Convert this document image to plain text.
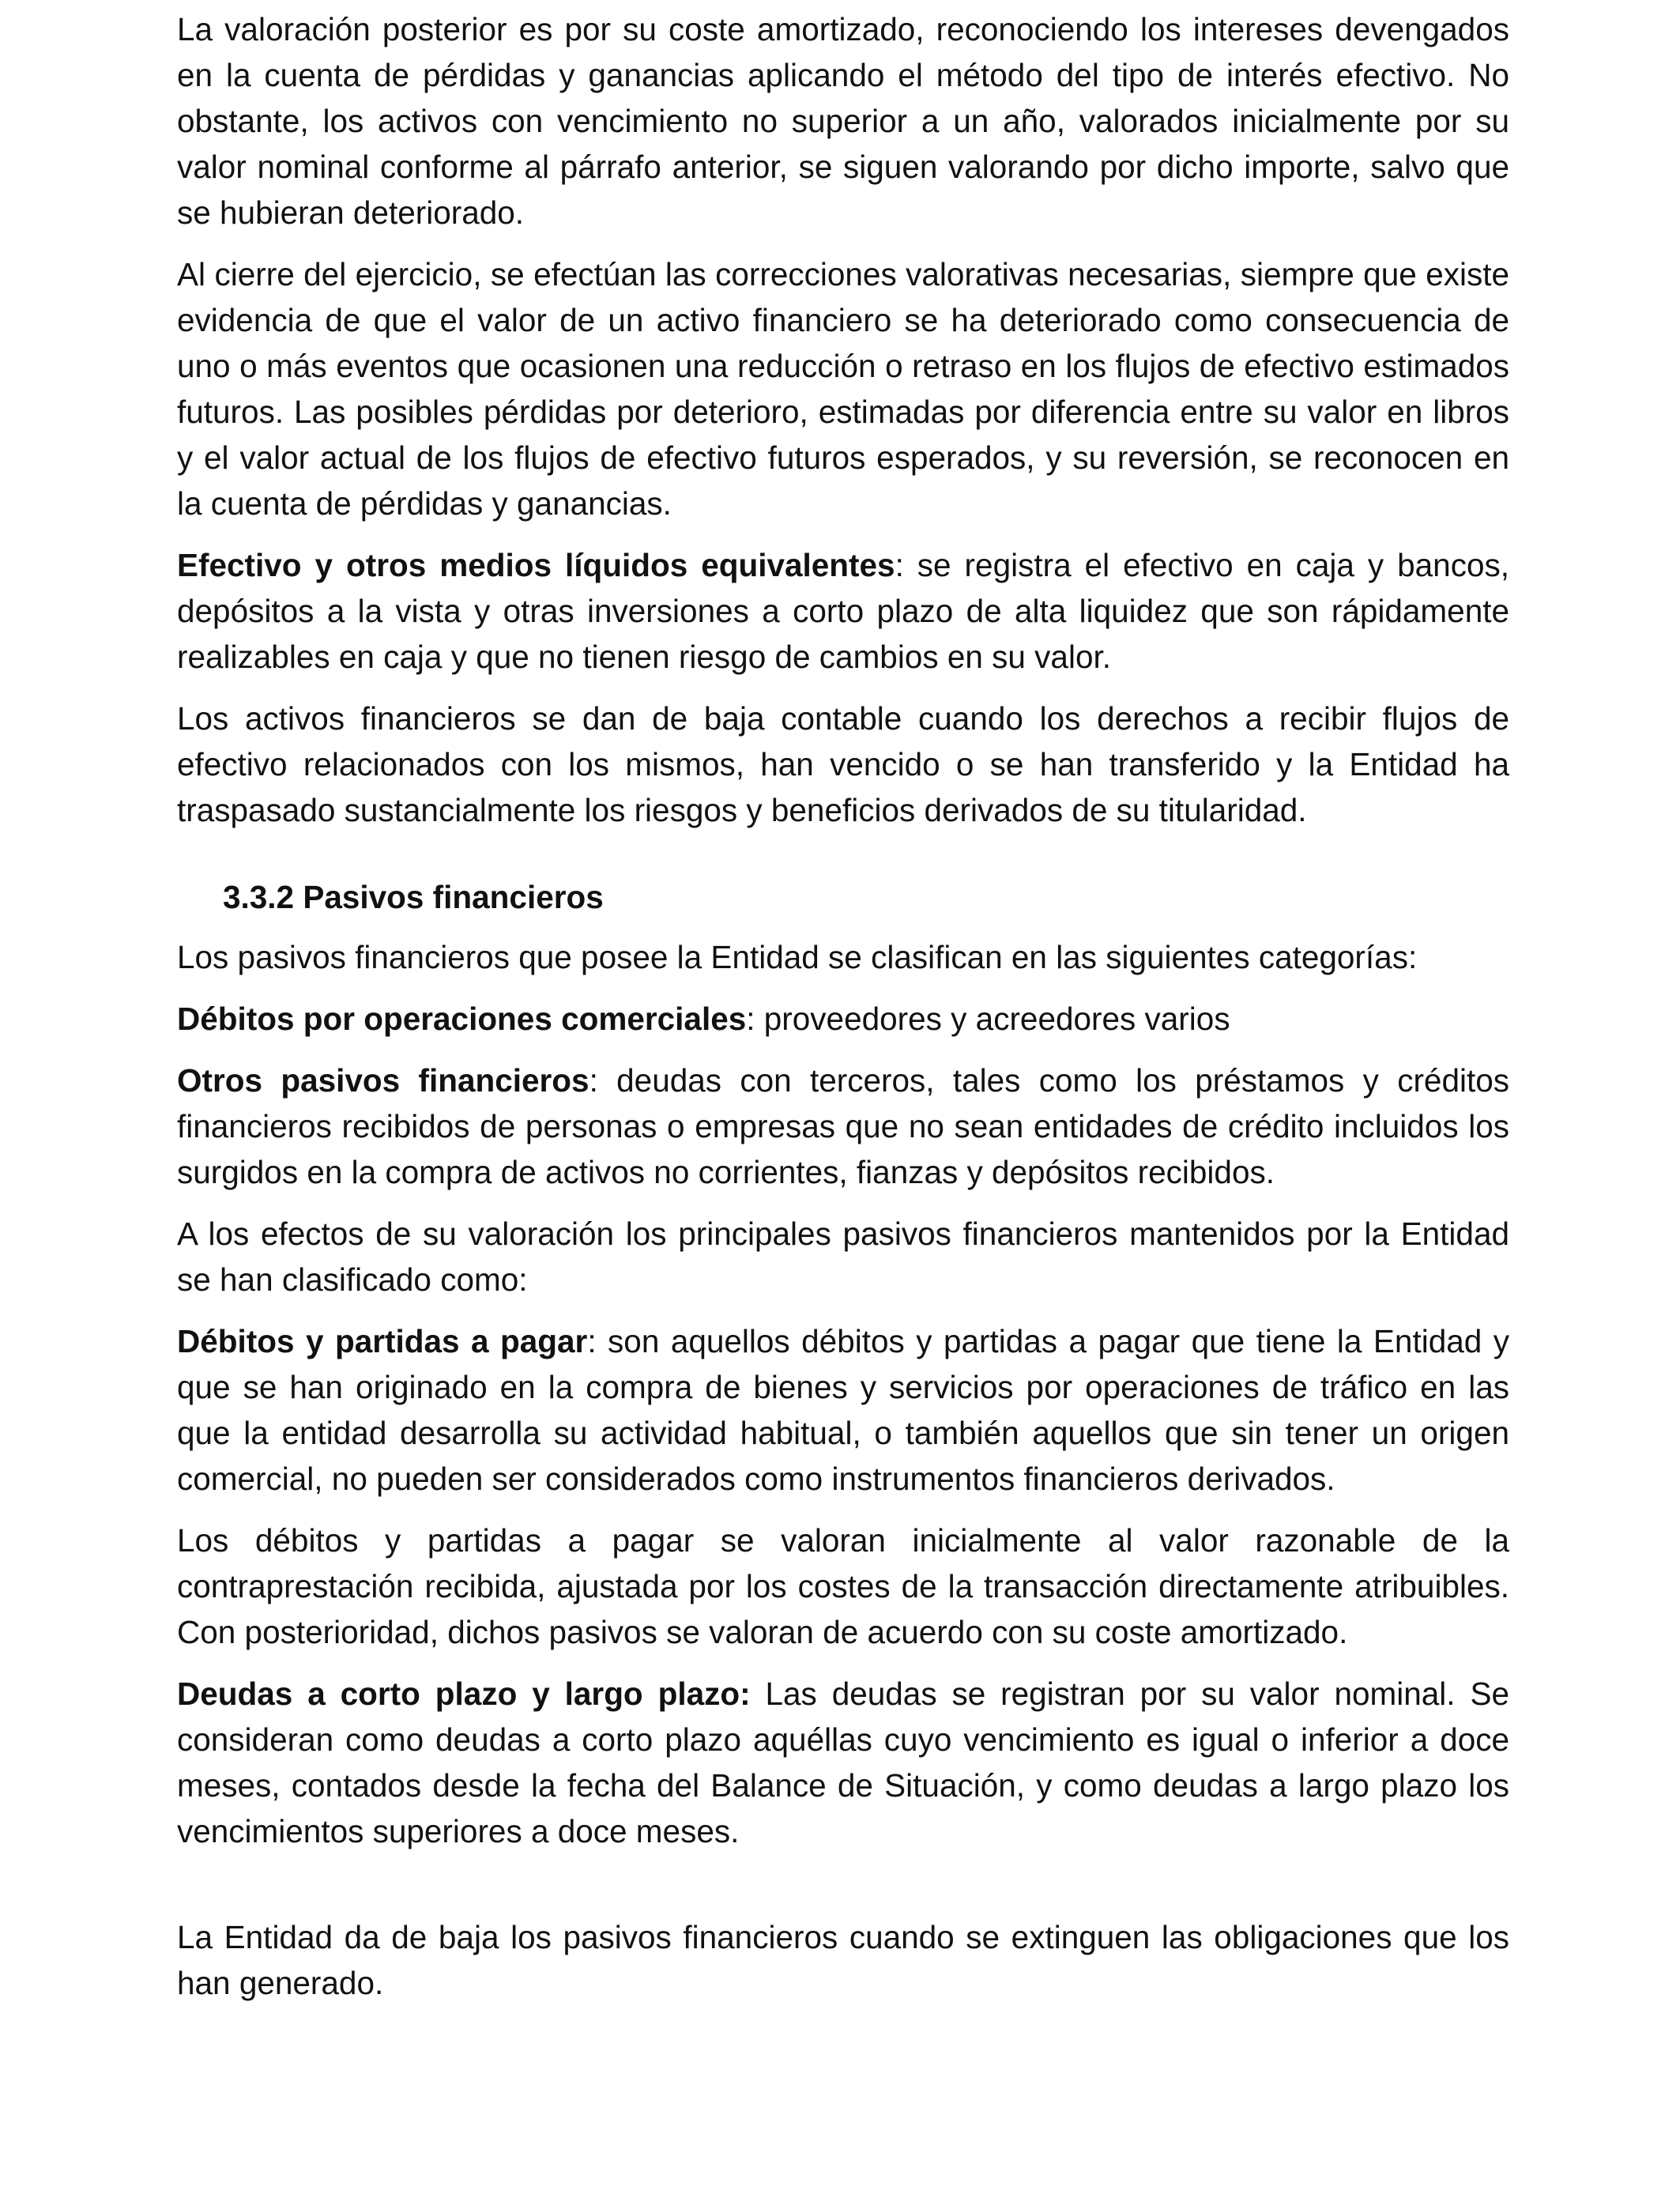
La valoración posterior es por su coste amortizado, reconociendo los intereses devengados en la cuenta de pérdidas y ganancias aplicando el método del tipo de interés efectivo. No obstante, los activos con vencimiento no superior a un año, valorados inicialmente por su valor nominal conforme al párrafo anterior, se siguen valorando por dicho importe, salvo que se hubieran deteriorado.

Al cierre del ejercicio, se efectúan las correcciones valorativas necesarias, siempre que existe evidencia de que el valor de un activo financiero se ha deteriorado como consecuencia de uno o más eventos que ocasionen una reducción o retraso en los flujos de efectivo estimados futuros. Las posibles pérdidas por deterioro, estimadas por diferencia entre su valor en libros y el valor actual de los flujos de efectivo futuros esperados, y su reversión, se reconocen en la cuenta de pérdidas y ganancias.

Efectivo y otros medios líquidos equivalentes: se registra el efectivo en caja y bancos, depósitos a la vista y otras inversiones a corto plazo de alta liquidez que son rápidamente realizables en caja y que no tienen riesgo de cambios en su valor.

Los activos financieros se dan de baja contable cuando los derechos a recibir flujos de efectivo relacionados con los mismos, han vencido o se han transferido y la Entidad ha traspasado sustancialmente los riesgos y beneficios derivados de su titularidad.

3.3.2 Pasivos financieros

Los pasivos financieros que posee la Entidad se clasifican en las siguientes categorías:

Débitos por operaciones comerciales: proveedores y acreedores varios

Otros pasivos financieros: deudas con terceros, tales como los préstamos y créditos financieros recibidos de personas o empresas que no sean entidades de crédito incluidos los surgidos en la compra de activos no corrientes, fianzas y depósitos recibidos.

A los efectos de su valoración los principales pasivos financieros mantenidos por la Entidad se han clasificado como:

Débitos y partidas a pagar: son aquellos débitos y partidas a pagar que tiene la Entidad y que se han originado en la compra de bienes y servicios por operaciones de tráfico en las que la entidad desarrolla su actividad habitual, o también aquellos que sin tener un origen comercial, no pueden ser considerados como instrumentos financieros derivados.

Los débitos y partidas a pagar se valoran inicialmente al valor razonable de la contraprestación recibida, ajustada por los costes de la transacción directamente atribuibles. Con posterioridad, dichos pasivos se valoran de acuerdo con su coste amortizado.

Deudas a corto plazo y largo plazo: Las deudas se registran por su valor nominal. Se consideran como deudas a corto plazo aquéllas cuyo vencimiento es igual o inferior a doce meses, contados desde la fecha del Balance de Situación, y como deudas a largo plazo los vencimientos superiores a doce meses.

La Entidad da de baja los pasivos financieros cuando se extinguen las obligaciones que los han generado.
